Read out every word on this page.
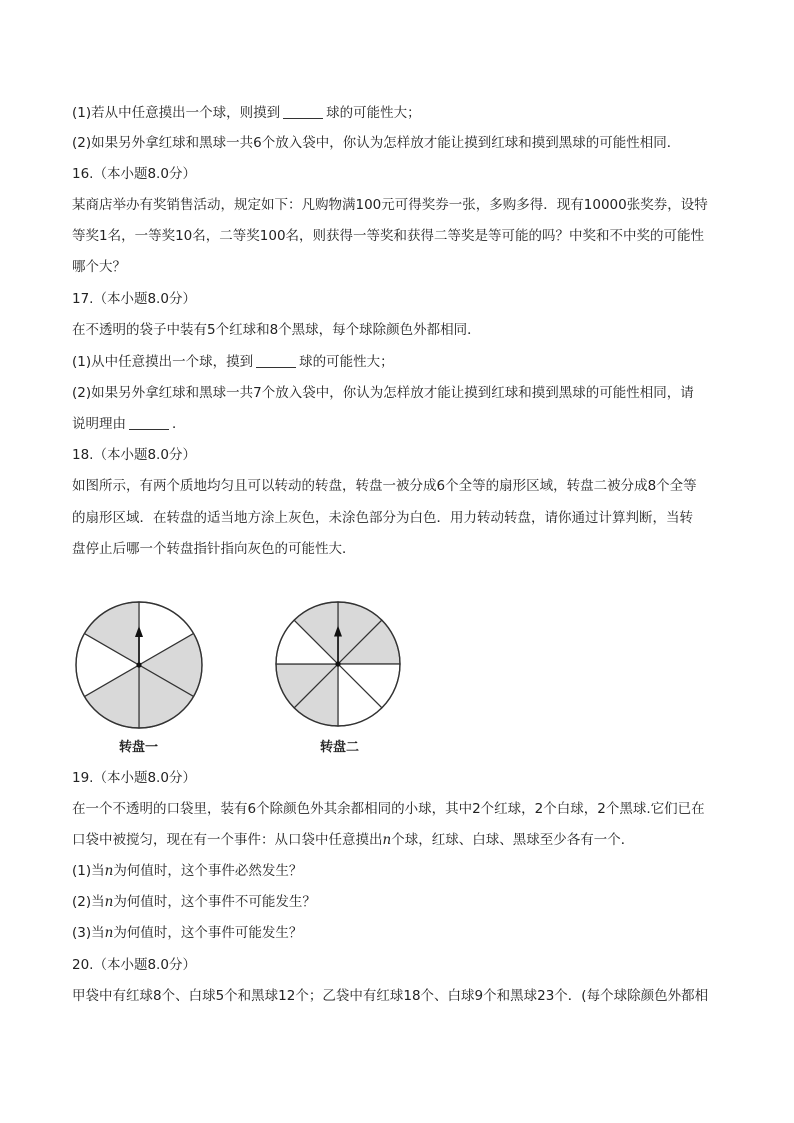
(1)若从中任意摸出一个球，则摸到	球的可能性大；

(2)如果另外拿红球和黑球一共6个放入袋中，你认为怎样放才能让摸到红球和摸到黑球的可能性相同．

16.（本小题8.0分）

某商店举办有奖销售活动，规定如下：凡购物满100元可得奖券一张，多购多得．现有10000张奖券，设特

等奖1名，一等奖10名，二等奖100名，则获得一等奖和获得二等奖是等可能的吗？中奖和不中奖的可能性

哪个大？

17.（本小题8.0分）

在不透明的袋子中装有5个红球和8个黑球，每个球除颜色外都相同．

(1)从中任意摸出一个球，摸到	球的可能性大；

(2)如果另外拿红球和黑球一共7个放入袋中，你认为怎样放才能让摸到红球和摸到黑球的可能性相同，请

说明理由	．

18.（本小题8.0分）

如图所示，有两个质地均匀且可以转动的转盘，转盘一被分成6个全等的扇形区域，转盘二被分成8个全等

的扇形区域．在转盘的适当地方涂上灰色，未涂色部分为白色．用力转动转盘，请你通过计算判断，当转

盘停止后哪一个转盘指针指向灰色的可能性大．

转盘一	转盘二

19.（本小题8.0分）

在一个不透明的口袋里，装有6个除颜色外其余都相同的小球，其中2个红球，2个白球，2个黑球.它们已在

口袋中被搅匀，现在有一个事件：从口袋中任意摸出n个球，红球、白球、黑球至少各有一个．

(1)当n为何值时，这个事件必然发生？

(2)当n为何值时，这个事件不可能发生？

(3)当n为何值时，这个事件可能发生？

20.（本小题8.0分）

甲袋中有红球8个、白球5个和黑球12个；乙袋中有红球18个、白球9个和黑球23个．(每个球除颜色外都相
